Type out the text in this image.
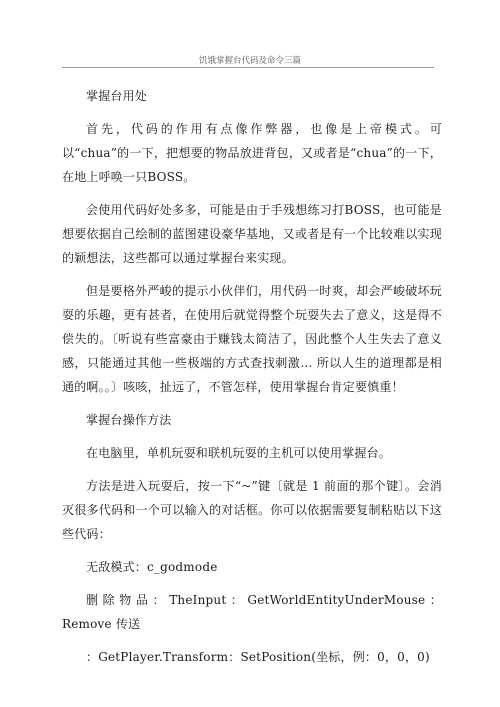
饥饿掌握台代码及命令三篇

掌握台用处

首先，代码的作用有点像作弊器，也像是上帝模式。可以“chua”的一下，把想要的物品放进背包，又或者是“chua”的一下，在地上呼唤一只BOSS。

会使用代码好处多多，可能是由于手残想练习打BOSS，也可能是想要依据自己绘制的蓝图建设豪华基地，又或者是有一个比较难以实现的颖想法，这些都可以通过掌握台来实现。

但是要格外严峻的提示小伙伴们，用代码一时爽，却会严峻破坏玩耍的乐趣，更有甚者，在使用后就觉得整个玩耍失去了意义，这是得不偿失的。〔听说有些富豪由于赚钱太简洁了，因此整个人生失去了意义感，只能通过其他一些极端的方式查找刺激… 所以人生的道理都是相通的啊。。〕咳咳，扯远了，不管怎样，使用掌握台肯定要慎重！

掌握台操作方法

在电脑里，单机玩耍和联机玩耍的主机可以使用掌握台。

方法是进入玩耍后，按一下“~”键〔就是 1 前面的那个键〕。会消灭很多代码和一个可以输入的对话框。你可以依据需要复制粘贴以下这些代码：

无敌模式：c_godmode

删除物品：TheInput：GetWorldEntityUnderMouse：Remove 传送

：GetPlayer.Transform：SetPosition(坐标，例：0，0，0)
